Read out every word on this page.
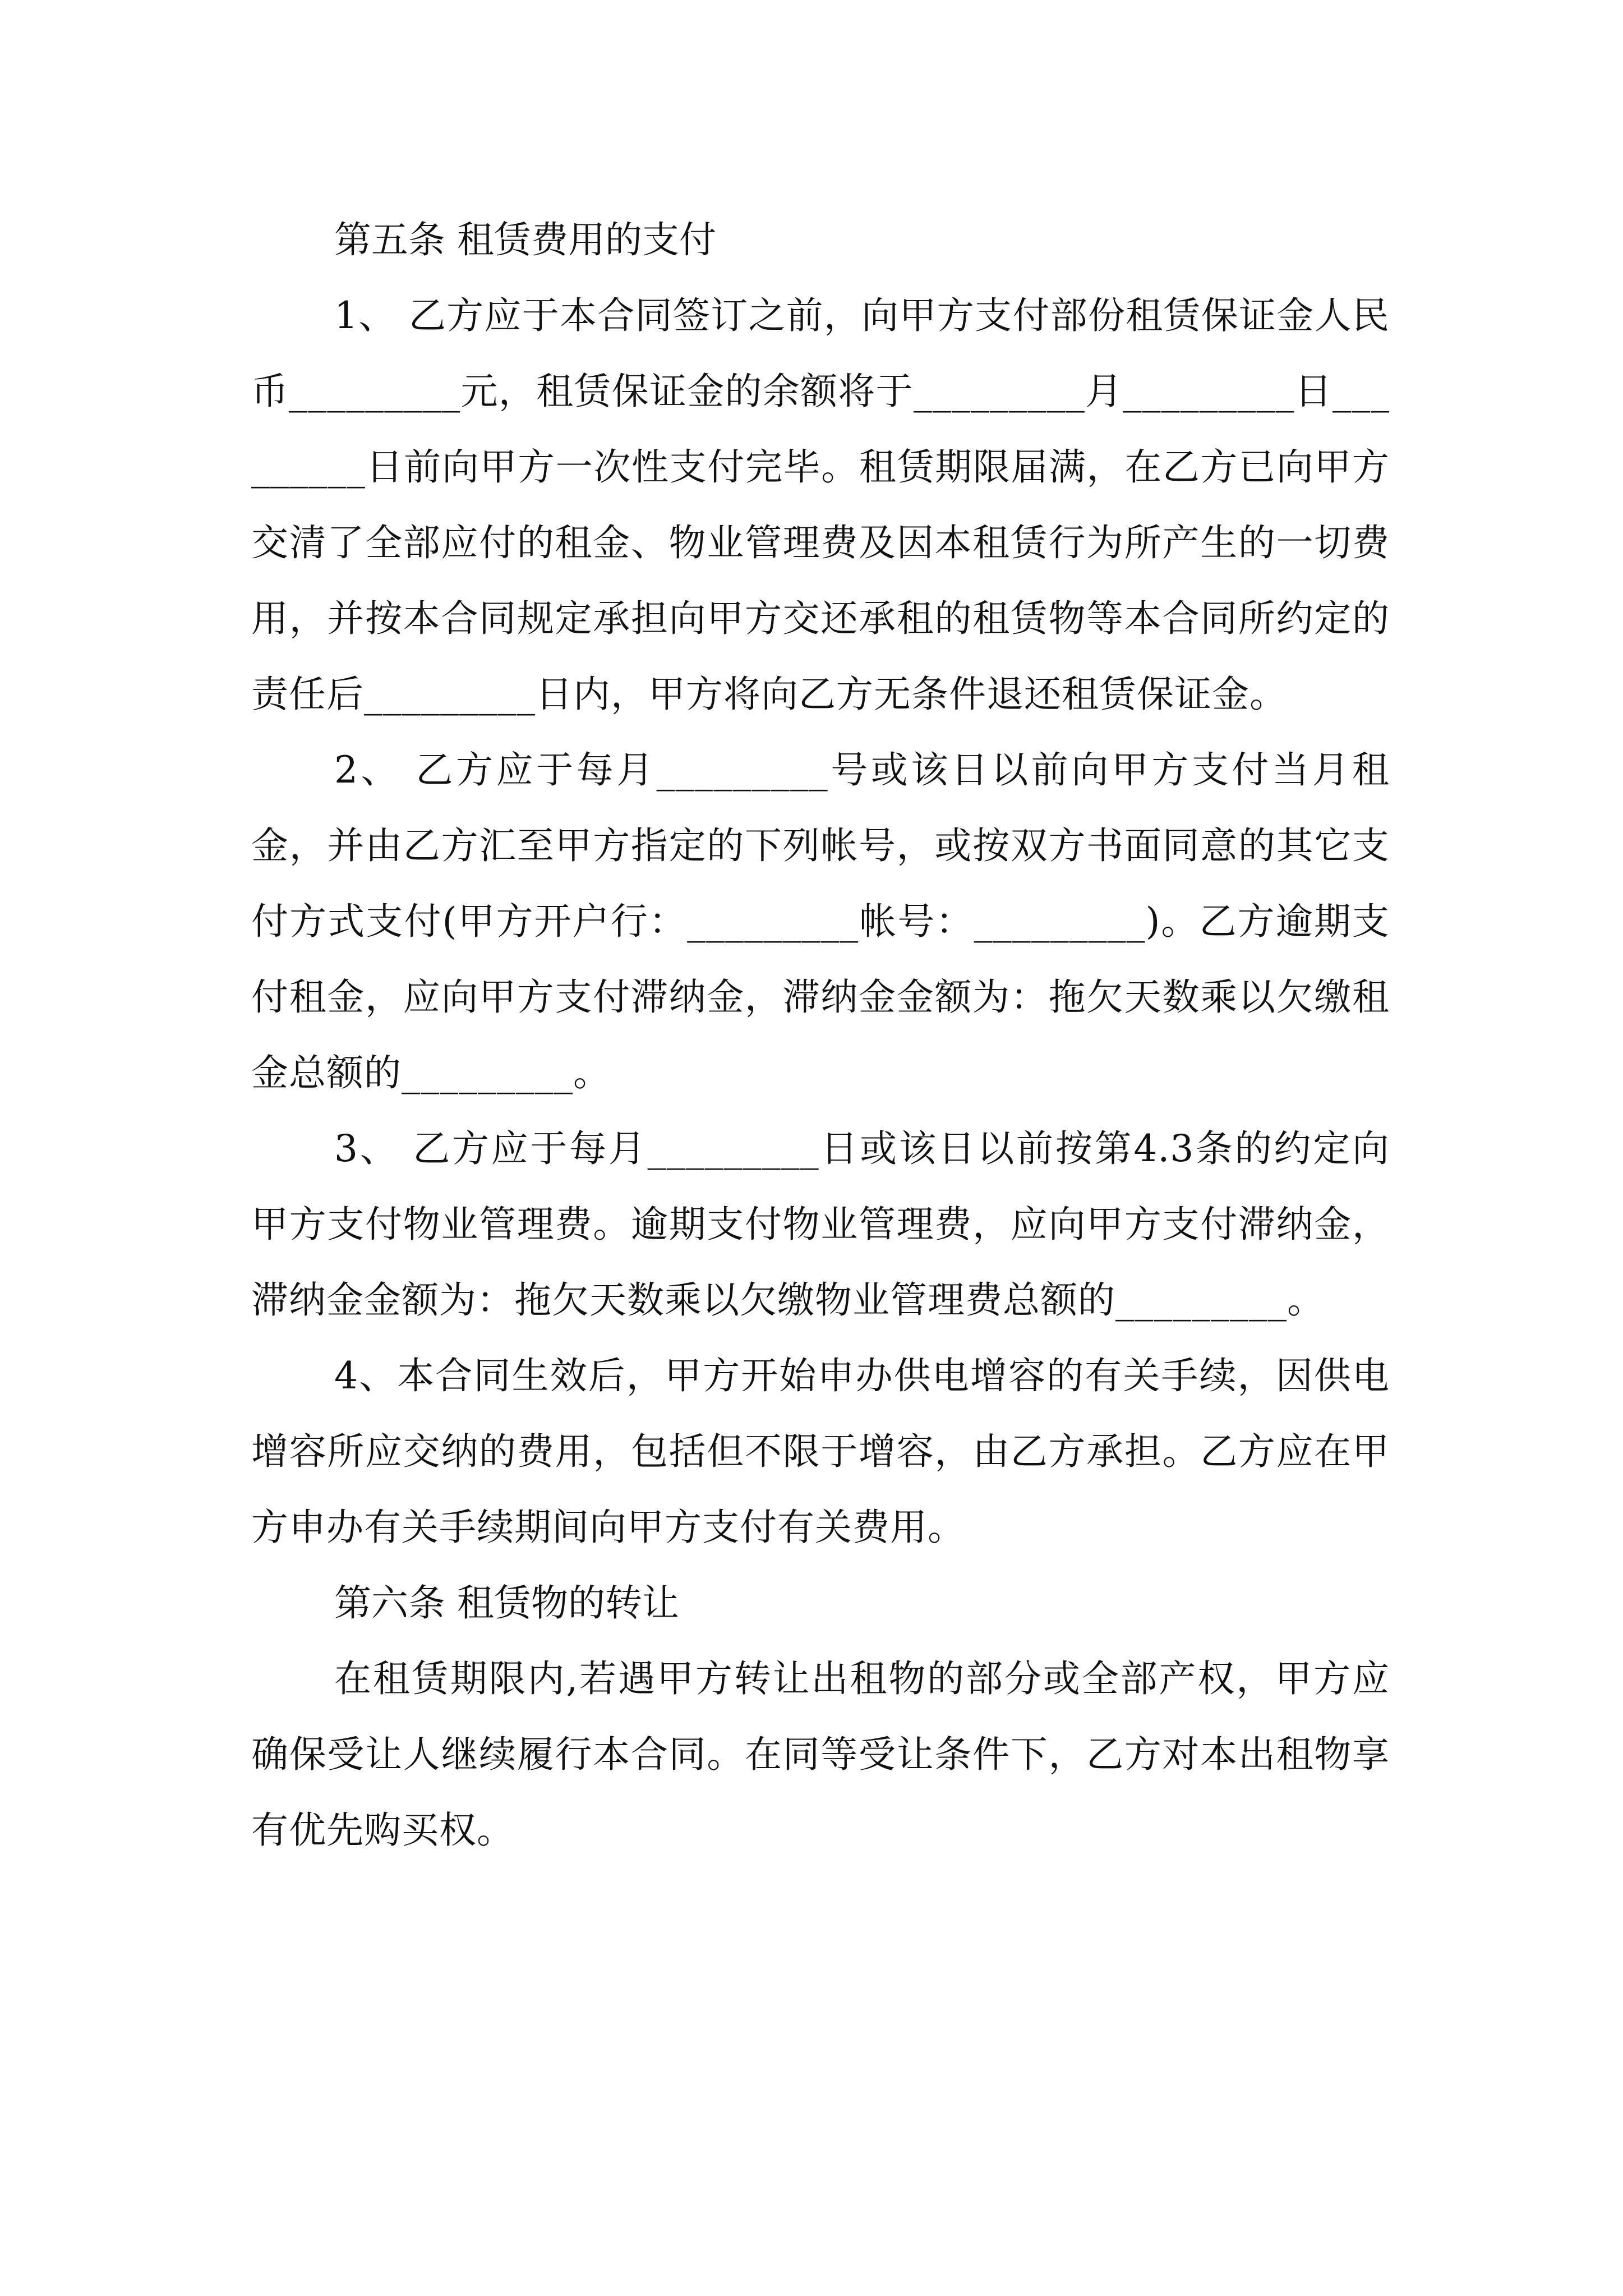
第五条 租赁费用的支付

1、 乙方应于本合同签订之前，向甲方支付部份租赁保证金人民币_________元，租赁保证金的余额将于_________月_________日_________日前向甲方一次性支付完毕。租赁期限届满，在乙方已向甲方交清了全部应付的租金、物业管理费及因本租赁行为所产生的一切费用，并按本合同规定承担向甲方交还承租的租赁物等本合同所约定的责任后_________日内，甲方将向乙方无条件退还租赁保证金。

2、 乙方应于每月_________号或该日以前向甲方支付当月租金，并由乙方汇至甲方指定的下列帐号，或按双方书面同意的其它支付方式支付(甲方开户行：_________帐号：_________)。乙方逾期支付租金，应向甲方支付滞纳金，滞纳金金额为：拖欠天数乘以欠缴租金总额的_________。

3、 乙方应于每月_________日或该日以前按第4.3条的约定向甲方支付物业管理费。逾期支付物业管理费，应向甲方支付滞纳金，滞纳金金额为：拖欠天数乘以欠缴物业管理费总额的_________。

4、本合同生效后，甲方开始申办供电增容的有关手续，因供电增容所应交纳的费用，包括但不限于增容，由乙方承担。乙方应在甲方申办有关手续期间向甲方支付有关费用。

第六条 租赁物的转让

在租赁期限内,若遇甲方转让出租物的部分或全部产权，甲方应确保受让人继续履行本合同。在同等受让条件下，乙方对本出租物享有优先购买权。
